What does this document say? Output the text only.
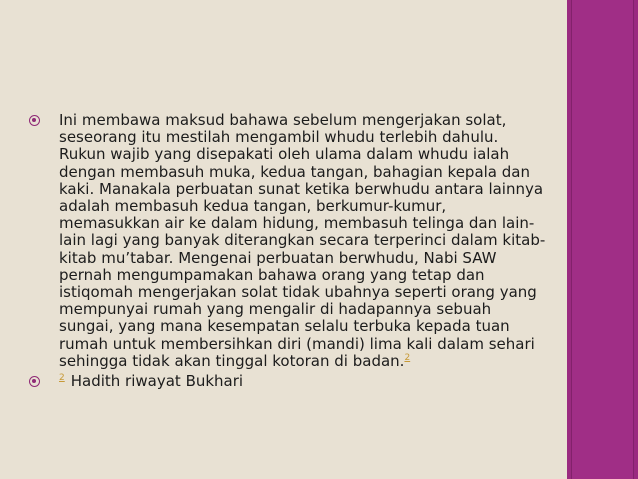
Ini membawa maksud bahawa sebelum mengerjakan solat, seseorang itu mestilah mengambil whudu terlebih dahulu. Rukun wajib yang disepakati oleh ulama dalam whudu ialah dengan membasuh muka, kedua tangan, bahagian kepala dan kaki. Manakala perbuatan sunat ketika berwhudu antara lainnya adalah membasuh kedua tangan, berkumur-kumur, memasukkan air ke dalam hidung, membasuh telinga dan lain-lain lagi yang banyak diterangkan secara terperinci dalam kitab-kitab mu’tabar. Mengenai perbuatan berwhudu, Nabi SAW pernah mengumpamakan bahawa orang yang tetap dan istiqomah mengerjakan solat tidak ubahnya seperti orang yang mempunyai rumah yang mengalir di hadapannya sebuah sungai, yang mana kesempatan selalu terbuka kepada tuan rumah untuk membersihkan diri (mandi) lima kali dalam sehari sehingga tidak akan tinggal kotoran di badan.$^2$
$^2$ Hadith riwayat Bukhari
